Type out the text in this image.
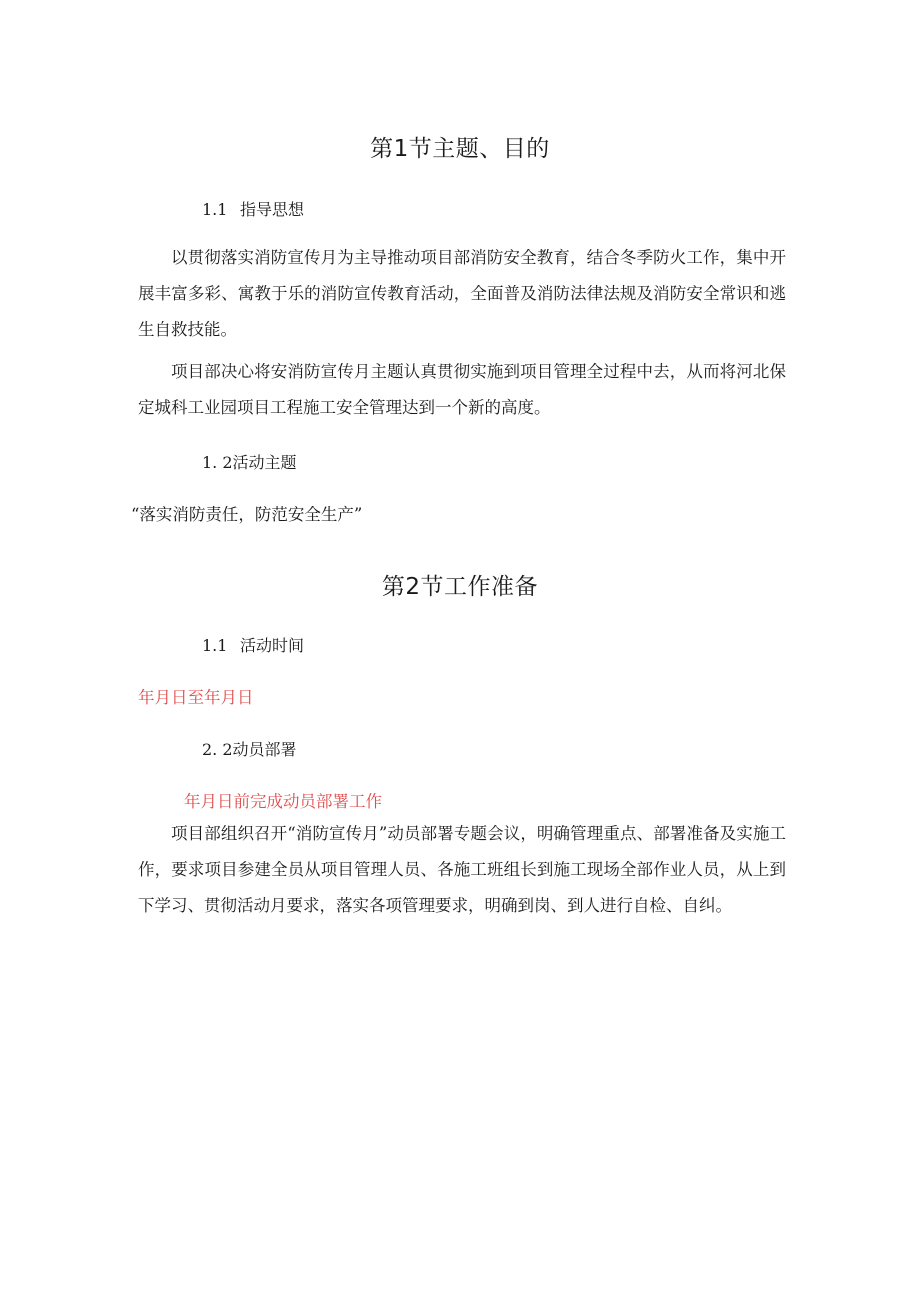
第1节主题、目的
1.1 指导思想

以贯彻落实消防宣传月为主导推动项目部消防安全教育，结合冬季防火工作，集中开展丰富多彩、寓教于乐的消防宣传教育活动，全面普及消防法律法规及消防安全常识和逃生自救技能。

项目部决心将安消防宣传月主题认真贯彻实施到项目管理全过程中去，从而将河北保定城科工业园项目工程施工安全管理达到一个新的高度。

1. 2活动主题
“落实消防责任，防范安全生产”
第2节工作准备
1.1 活动时间
年月日至年月日
2. 2动员部署
年月日前完成动员部署工作

项目部组织召开“消防宣传月”动员部署专题会议，明确管理重点、部署准备及实施工作，要求项目参建全员从项目管理人员、各施工班组长到施工现场全部作业人员，从上到下学习、贯彻活动月要求，落实各项管理要求，明确到岗、到人进行自检、自纠。
